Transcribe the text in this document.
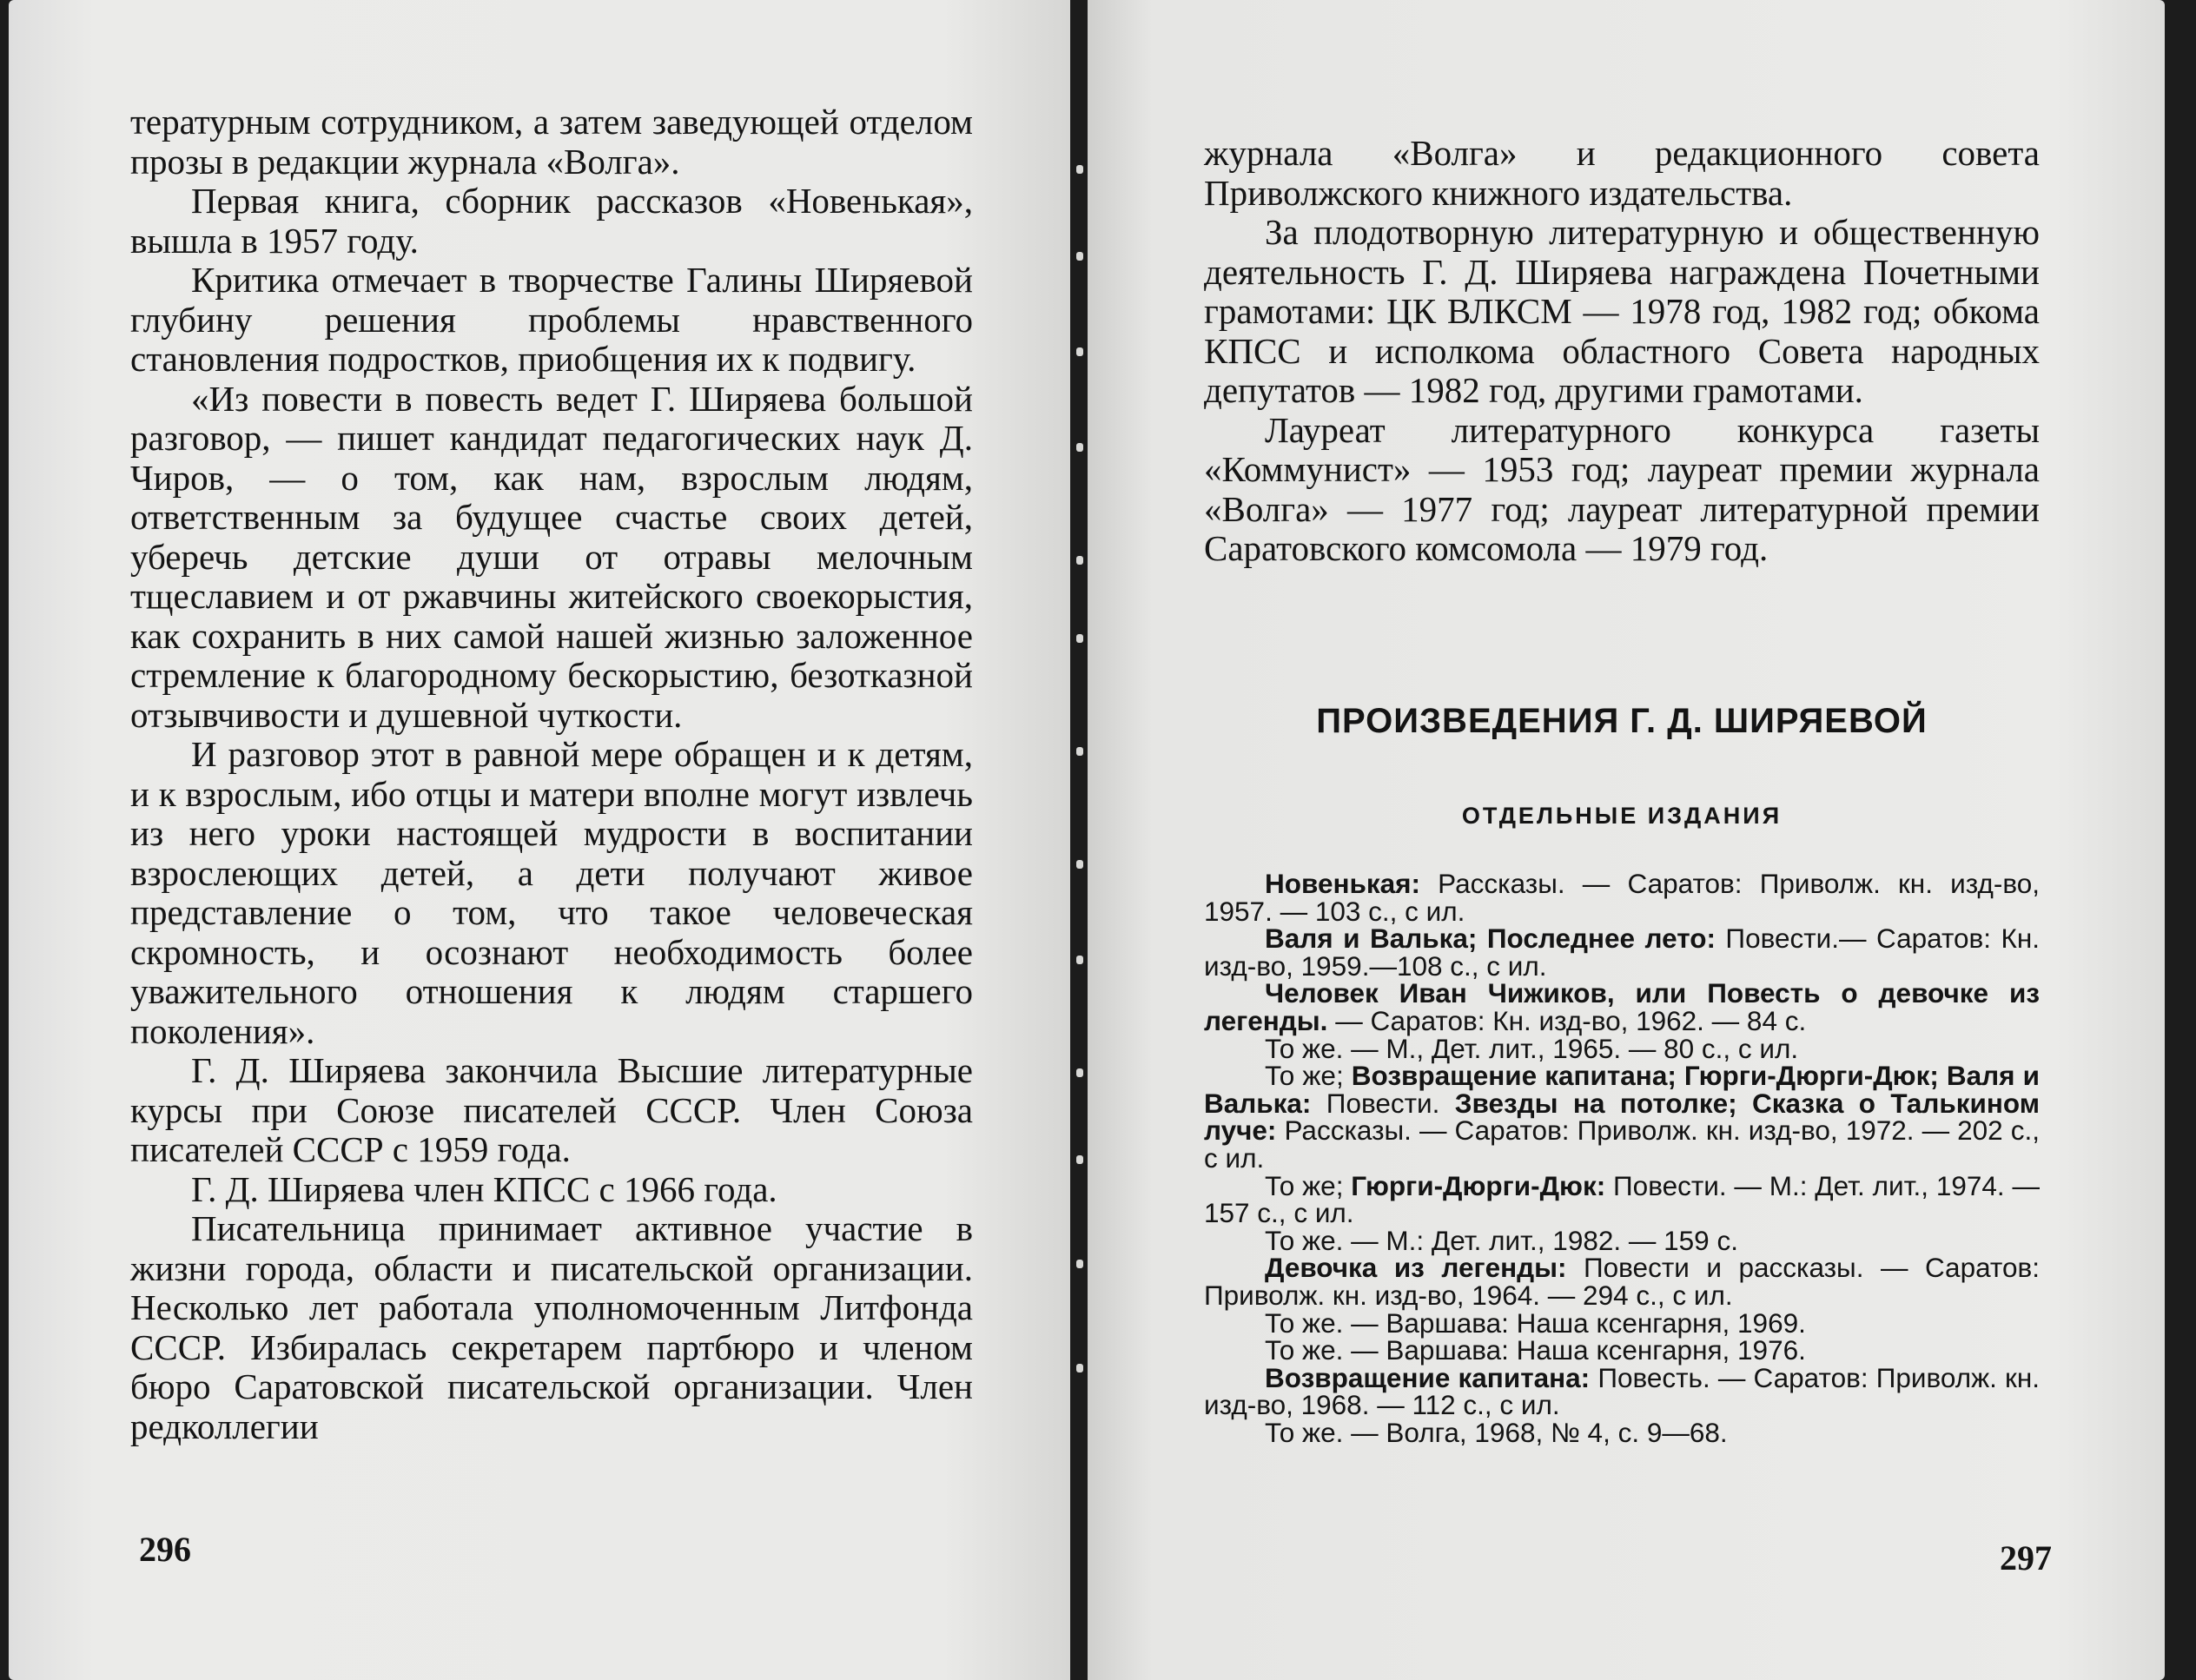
тературным сотрудником, а затем заведующей отделом прозы в редакции журнала «Волга».

Первая книга, сборник рассказов «Новенькая», вышла в 1957 году.

Критика отмечает в творчестве Галины Ширяевой глубину решения проблемы нравственного становления подростков, приобщения их к подвигу.

«Из повести в повесть ведет Г. Ширяева большой разговор, — пишет кандидат педагогических наук Д. Чиров, — о том, как нам, взрослым людям, ответственным за будущее счастье своих детей, уберечь детские души от отравы мелочным тщеславием и от ржавчины житейского своекорыстия, как сохранить в них самой нашей жизнью заложенное стремление к благородному бескорыстию, безотказной отзывчивости и душевной чуткости.

И разговор этот в равной мере обращен и к детям, и к взрослым, ибо отцы и матери вполне могут извлечь из него уроки настоящей мудрости в воспитании взрослеющих детей, а дети получают живое представление о том, что такое человеческая скромность, и осознают необходимость более уважительного отношения к людям старшего поколения».

Г. Д. Ширяева закончила Высшие литературные курсы при Союзе писателей СССР. Член Союза писателей СССР с 1959 года.

Г. Д. Ширяева член КПСС с 1966 года.

Писательница принимает активное участие в жизни города, области и писательской организации. Несколько лет работала уполномоченным Литфонда СССР. Избиралась секретарем партбюро и членом бюро Саратовской писательской организации. Член редколлегии

296

журнала «Волга» и редакционного совета Приволжского книжного издательства.

За плодотворную литературную и общественную деятельность Г. Д. Ширяева награждена Почетными грамотами: ЦК ВЛКСМ — 1978 год, 1982 год; обкома КПСС и исполкома областного Совета народных депутатов — 1982 год, другими грамотами.

Лауреат литературного конкурса газеты «Коммунист» — 1953 год; лауреат премии журнала «Волга» — 1977 год; лауреат литературной премии Саратовского комсомола — 1979 год.

ПРОИЗВЕДЕНИЯ Г. Д. ШИРЯЕВОЙ
ОТДЕЛЬНЫЕ ИЗДАНИЯ

Новенькая: Рассказы. — Саратов: Приволж. кн. изд-во, 1957. — 103 с., с ил.

Валя и Валька; Последнее лето: Повести.— Саратов: Кн. изд-во, 1959.—108 с., с ил.

Человек Иван Чижиков, или Повесть о девочке из легенды. — Саратов: Кн. изд-во, 1962. — 84 с.

То же. — М., Дет. лит., 1965. — 80 с., с ил.

То же; Возвращение капитана; Гюрги-Дюрги-Дюк; Валя и Валька: Повести. Звезды на потолке; Сказка о Талькином луче: Рассказы. — Саратов: Приволж. кн. изд-во, 1972. — 202 с., с ил.

То же; Гюрги-Дюрги-Дюк: Повести. — М.: Дет. лит., 1974. — 157 с., с ил.

То же. — М.: Дет. лит., 1982. — 159 с.

Девочка из легенды: Повести и рассказы. — Саратов: Приволж. кн. изд-во, 1964. — 294 с., с ил.

То же. — Варшава: Наша ксенгарня, 1969.

То же. — Варшава: Наша ксенгарня, 1976.

Возвращение капитана: Повесть. — Саратов: Приволж. кн. изд-во, 1968. — 112 с., с ил.

То же. — Волга, 1968, № 4, с. 9—68.

297
